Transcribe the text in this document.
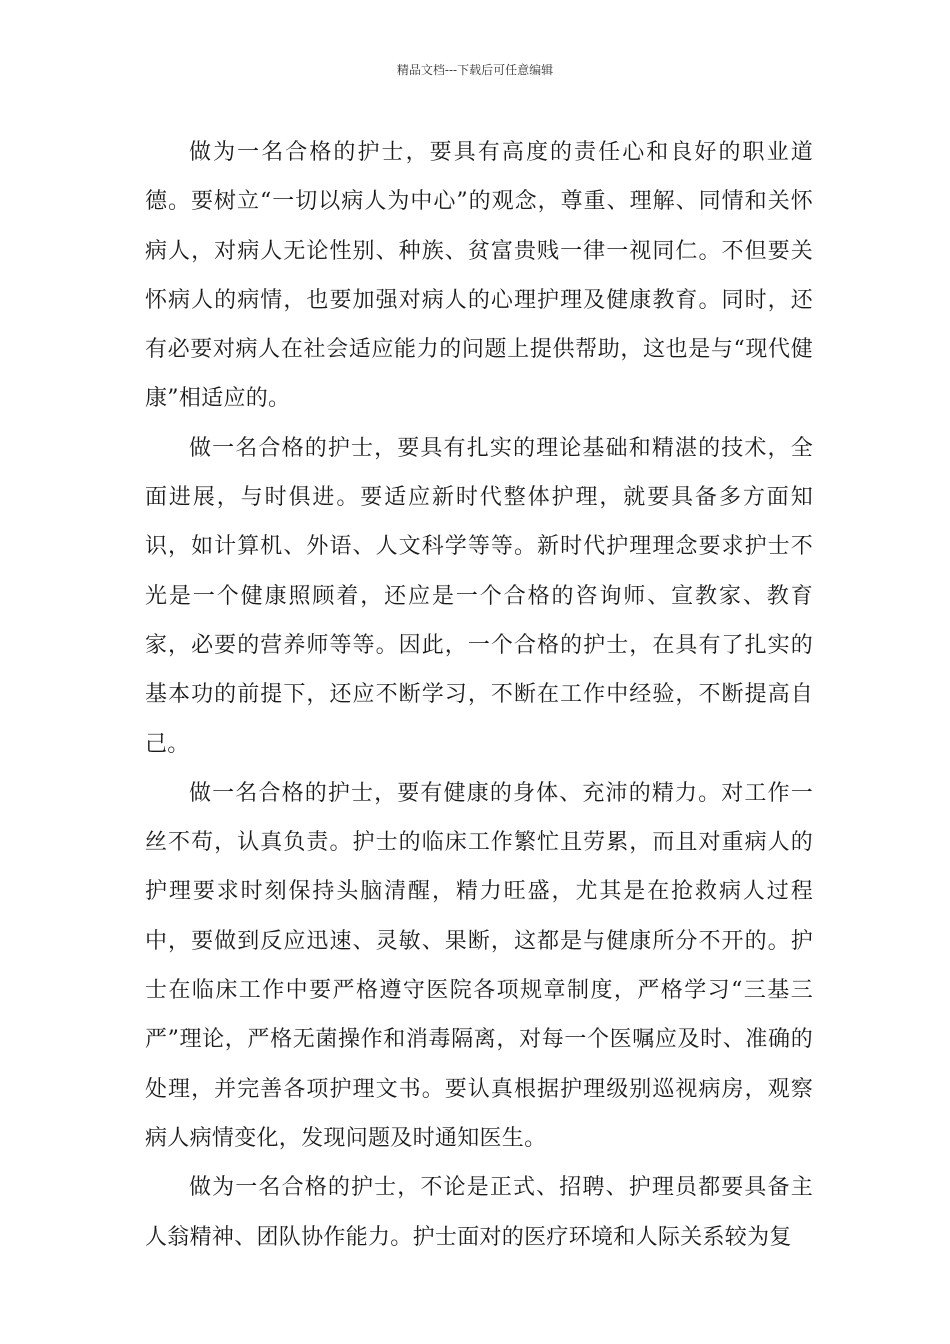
精品文档---下载后可任意编辑

做为一名合格的护士，要具有高度的责任心和良好的职业道德。要树立“一切以病人为中心”的观念，尊重、理解、同情和关怀病人，对病人无论性别、种族、贫富贵贱一律一视同仁。不但要关怀病人的病情，也要加强对病人的心理护理及健康教育。同时，还有必要对病人在社会适应能力的问题上提供帮助，这也是与“现代健康”相适应的。

做一名合格的护士，要具有扎实的理论基础和精湛的技术，全面进展，与时俱进。要适应新时代整体护理，就要具备多方面知识，如计算机、外语、人文科学等等。新时代护理理念要求护士不光是一个健康照顾着，还应是一个合格的咨询师、宣教家、教育家，必要的营养师等等。因此，一个合格的护士，在具有了扎实的基本功的前提下，还应不断学习，不断在工作中经验，不断提高自己。

做一名合格的护士，要有健康的身体、充沛的精力。对工作一丝不苟，认真负责。护士的临床工作繁忙且劳累，而且对重病人的护理要求时刻保持头脑清醒，精力旺盛，尤其是在抢救病人过程中，要做到反应迅速、灵敏、果断，这都是与健康所分不开的。护士在临床工作中要严格遵守医院各项规章制度，严格学习“三基三严”理论，严格无菌操作和消毒隔离，对每一个医嘱应及时、准确的处理，并完善各项护理文书。要认真根据护理级别巡视病房，观察病人病情变化，发现问题及时通知医生。

做为一名合格的护士，不论是正式、招聘、护理员都要具备主人翁精神、团队协作能力。护士面对的医疗环境和人际关系较为复
